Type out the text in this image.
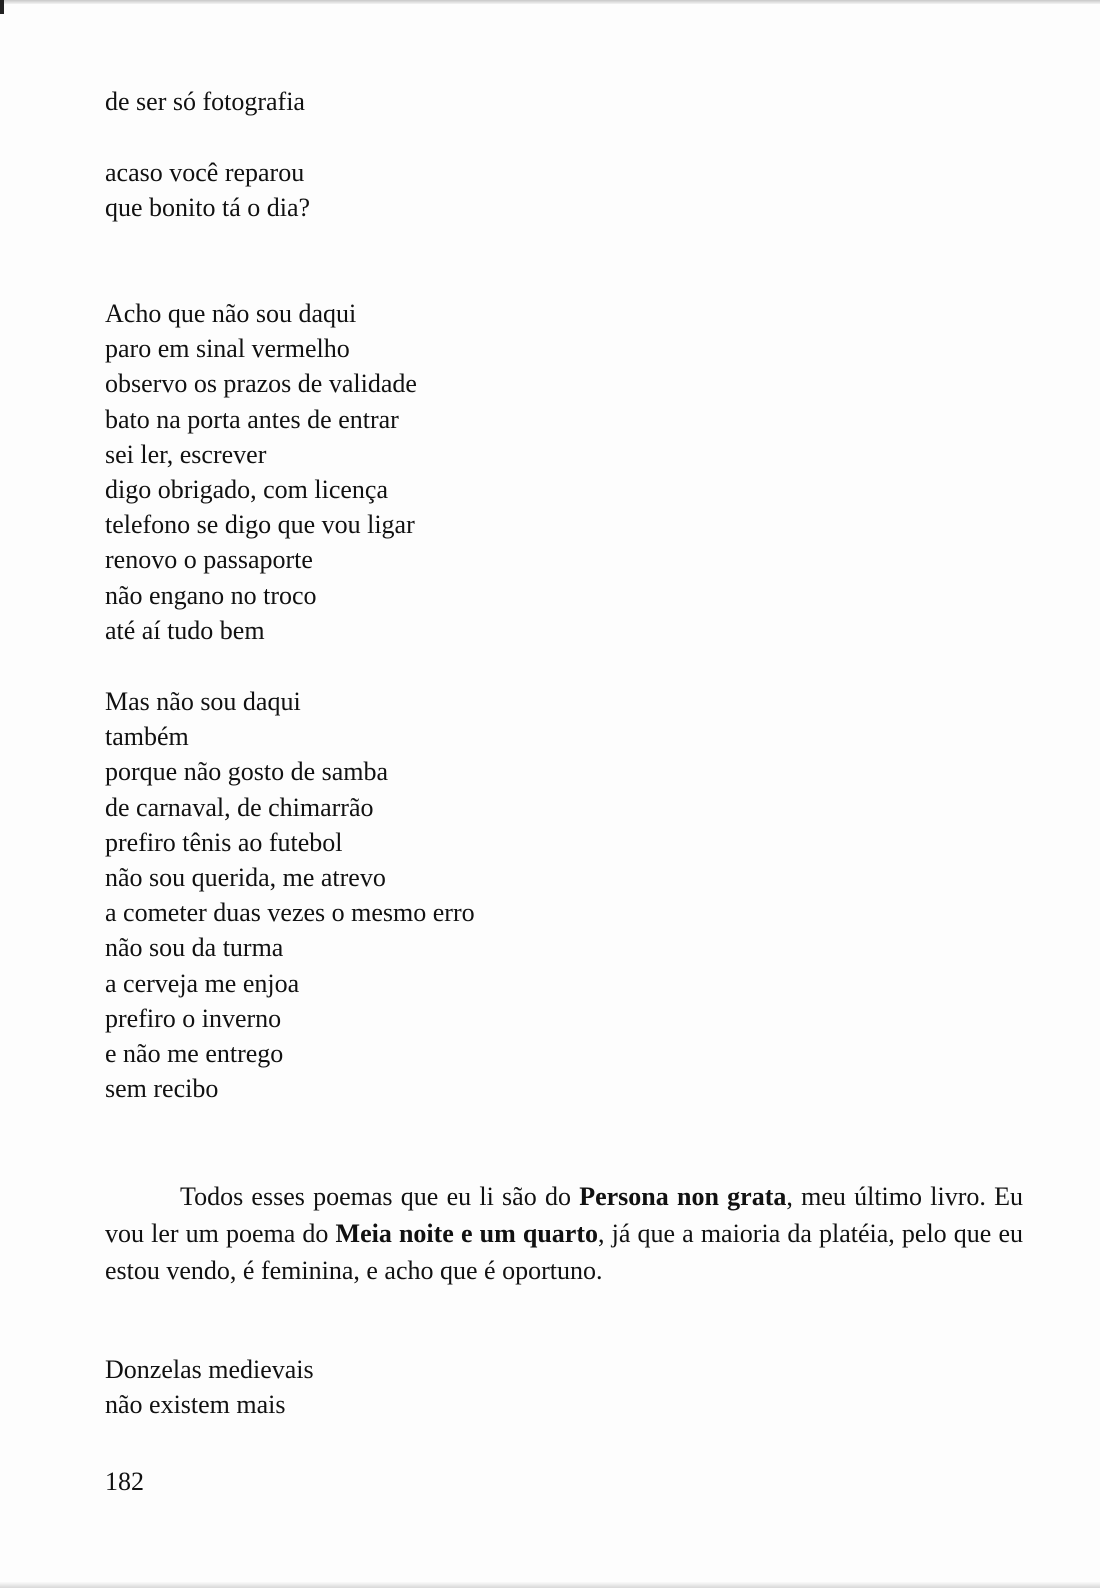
de ser só fotografia
acaso você reparou
que bonito tá o dia?
Acho que não sou daqui
paro em sinal vermelho
observo os prazos de validade
bato na porta antes de entrar
sei ler, escrever
digo obrigado, com licença
telefono se digo que vou ligar
renovo o passaporte
não engano no troco
até aí tudo bem
Mas não sou daqui
também
porque não gosto de samba
de carnaval, de chimarrão
prefiro tênis ao futebol
não sou querida, me atrevo
a cometer duas vezes o mesmo erro
não sou da turma
a cerveja me enjoa
prefiro o inverno
e não me entrego
sem recibo

Todos esses poemas que eu li são do Persona non grata, meu último livro. Eu vou ler um poema do Meia noite e um quarto, já que a maioria da platéia, pelo que eu estou vendo, é feminina, e acho que é oportuno.

Donzelas medievais
não existem mais

182
